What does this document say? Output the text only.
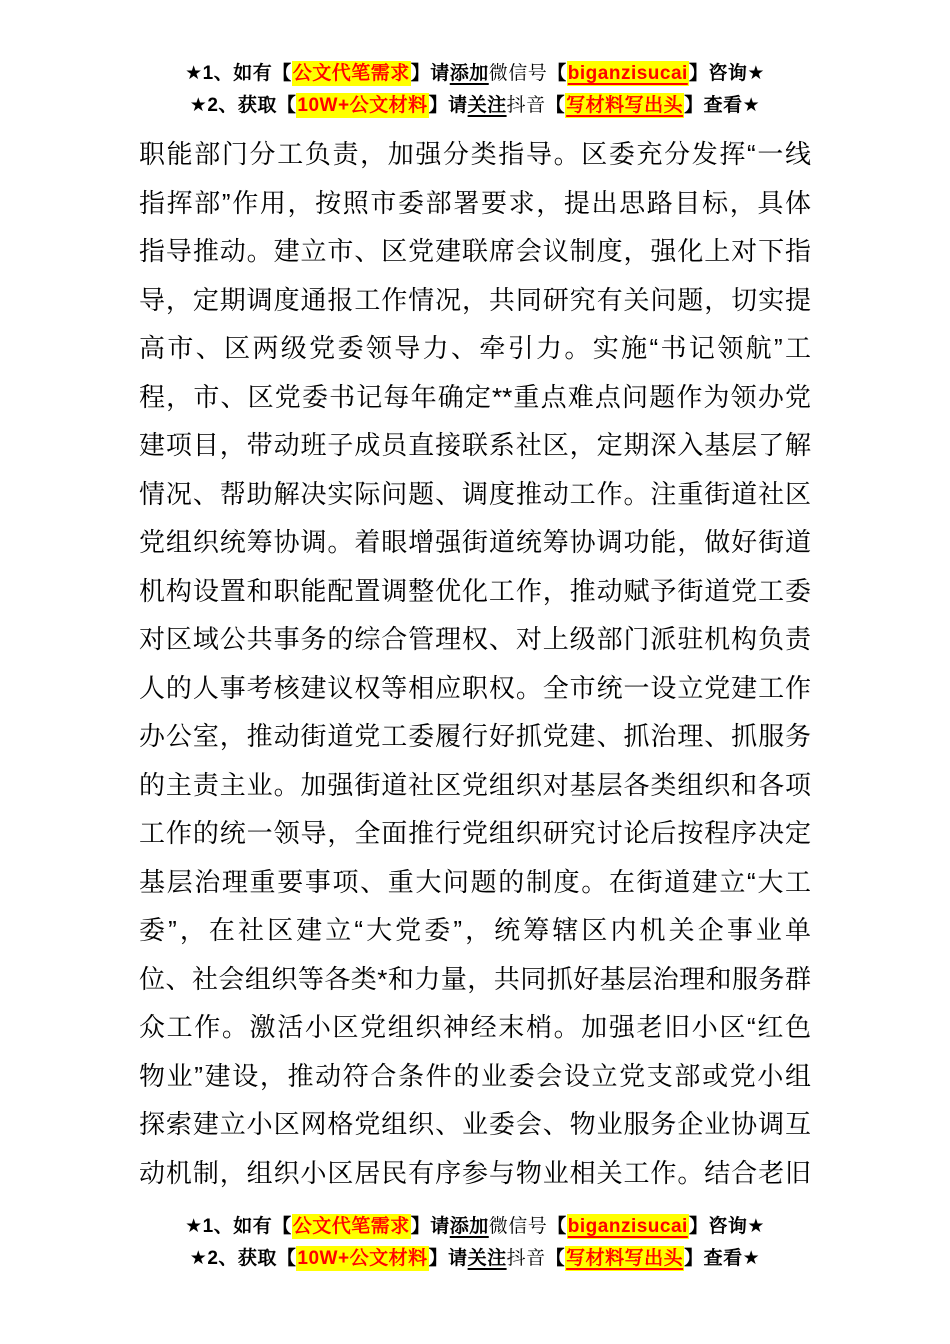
★1、如有【公文代笔需求】请添加微信号【biganzisucai】咨询★
★2、获取【10W+公文材料】请关注抖音【写材料写出头】查看★
职能部门分工负责，加强分类指导。区委充分发挥“一线
指挥部”作用，按照市委部署要求，提出思路目标，具体
指导推动。建立市、区党建联席会议制度，强化上对下指
导，定期调度通报工作情况，共同研究有关问题，切实提
高市、区两级党委领导力、牵引力。实施“书记领航”工
程，市、区党委书记每年确定**重点难点问题作为领办党
建项目，带动班子成员直接联系社区，定期深入基层了解
情况、帮助解决实际问题、调度推动工作。注重街道社区
党组织统筹协调。着眼增强街道统筹协调功能，做好街道
机构设置和职能配置调整优化工作，推动赋予街道党工委
对区域公共事务的综合管理权、对上级部门派驻机构负责
人的人事考核建议权等相应职权。全市统一设立党建工作
办公室，推动街道党工委履行好抓党建、抓治理、抓服务
的主责主业。加强街道社区党组织对基层各类组织和各项
工作的统一领导，全面推行党组织研究讨论后按程序决定
基层治理重要事项、重大问题的制度。在街道建立“大工
委”，在社区建立“大党委”，统筹辖区内机关企事业单
位、社会组织等各类*和力量，共同抓好基层治理和服务群
众工作。激活小区党组织神经末梢。加强老旧小区“红色
物业”建设，推动符合条件的业委会设立党支部或党小组
探索建立小区网格党组织、业委会、物业服务企业协调互
动机制，组织小区居民有序参与物业相关工作。结合老旧
★1、如有【公文代笔需求】请添加微信号【biganzisucai】咨询★
★2、获取【10W+公文材料】请关注抖音【写材料写出头】查看★
